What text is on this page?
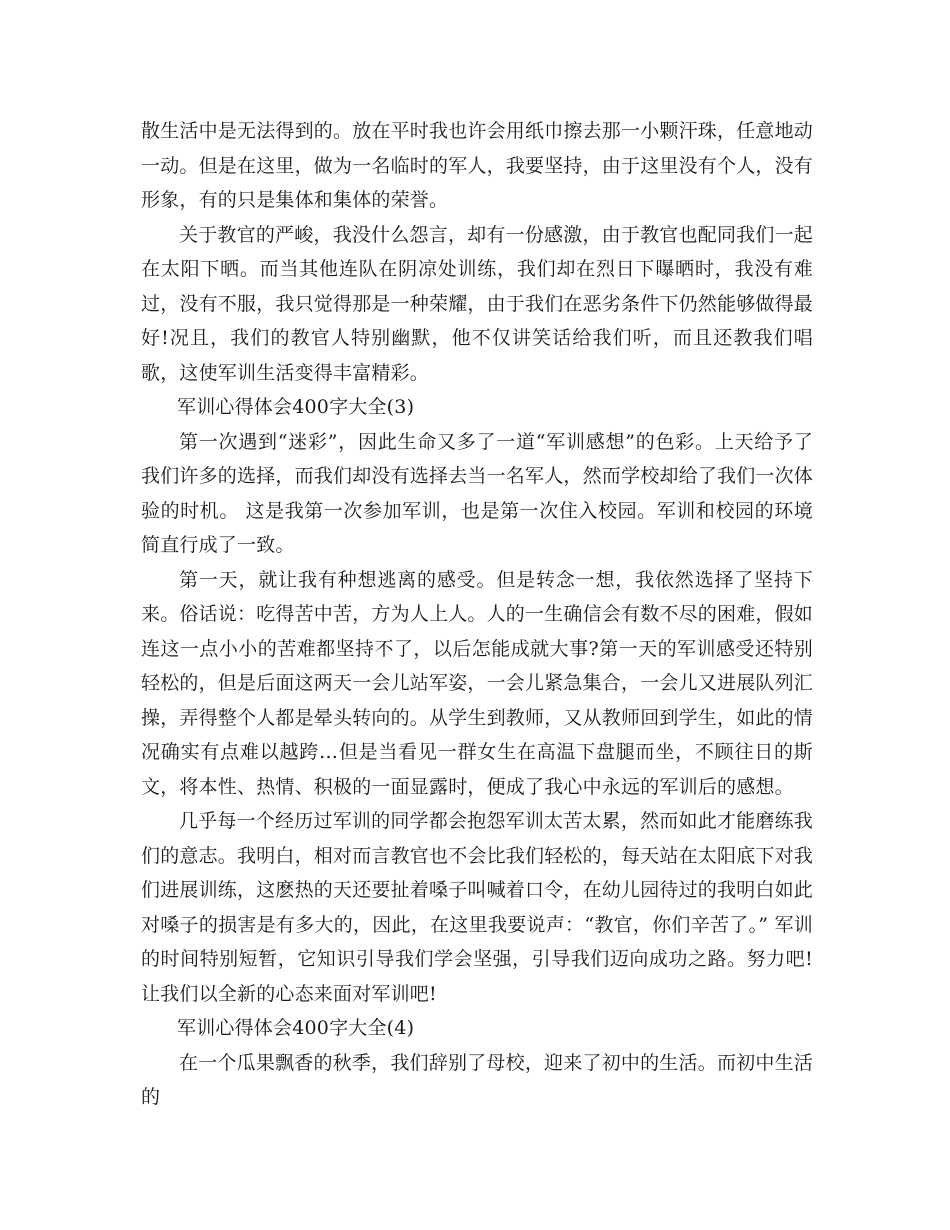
散生活中是无法得到的。放在平时我也许会用纸巾擦去那一小颗汗珠，任意地动一动。但是在这里，做为一名临时的军人，我要坚持，由于这里没有个人，没有形象，有的只是集体和集体的荣誉。

关于教官的严峻，我没什么怨言，却有一份感激，由于教官也配同我们一起在太阳下晒。而当其他连队在阴凉处训练，我们却在烈日下曝晒时，我没有难过，没有不服，我只觉得那是一种荣耀，由于我们在恶劣条件下仍然能够做得最好!况且，我们的教官人特别幽默，他不仅讲笑话给我们听，而且还教我们唱歌，这使军训生活变得丰富精彩。

军训心得体会400字大全(3)

第一次遇到“迷彩”，因此生命又多了一道“军训感想”的色彩。上天给予了我们许多的选择，而我们却没有选择去当一名军人，然而学校却给了我们一次体验的时机。 这是我第一次参加军训，也是第一次住入校园。军训和校园的环境简直行成了一致。

第一天，就让我有种想逃离的感受。但是转念一想，我依然选择了坚持下来。俗话说：吃得苦中苦，方为人上人。人的一生确信会有数不尽的困难，假如连这一点小小的苦难都坚持不了，以后怎能成就大事?第一天的军训感受还特别轻松的，但是后面这两天一会儿站军姿，一会儿紧急集合，一会儿又进展队列汇操，弄得整个人都是晕头转向的。从学生到教师，又从教师回到学生，如此的情况确实有点难以越跨…但是当看见一群女生在高温下盘腿而坐，不顾往日的斯文，将本性、热情、积极的一面显露时，便成了我心中永远的军训后的感想。

几乎每一个经历过军训的同学都会抱怨军训太苦太累，然而如此才能磨练我们的意志。我明白，相对而言教官也不会比我们轻松的，每天站在太阳底下对我们进展训练，这麽热的天还要扯着嗓子叫喊着口令，在幼儿园待过的我明白如此对嗓子的损害是有多大的，因此，在这里我要说声：“教官，你们辛苦了。” 军训的时间特别短暂，它知识引导我们学会坚强，引导我们迈向成功之路。努力吧!让我们以全新的心态来面对军训吧!

军训心得体会400字大全(4)

在一个瓜果飘香的秋季，我们辞别了母校，迎来了初中的生活。而初中生活的
